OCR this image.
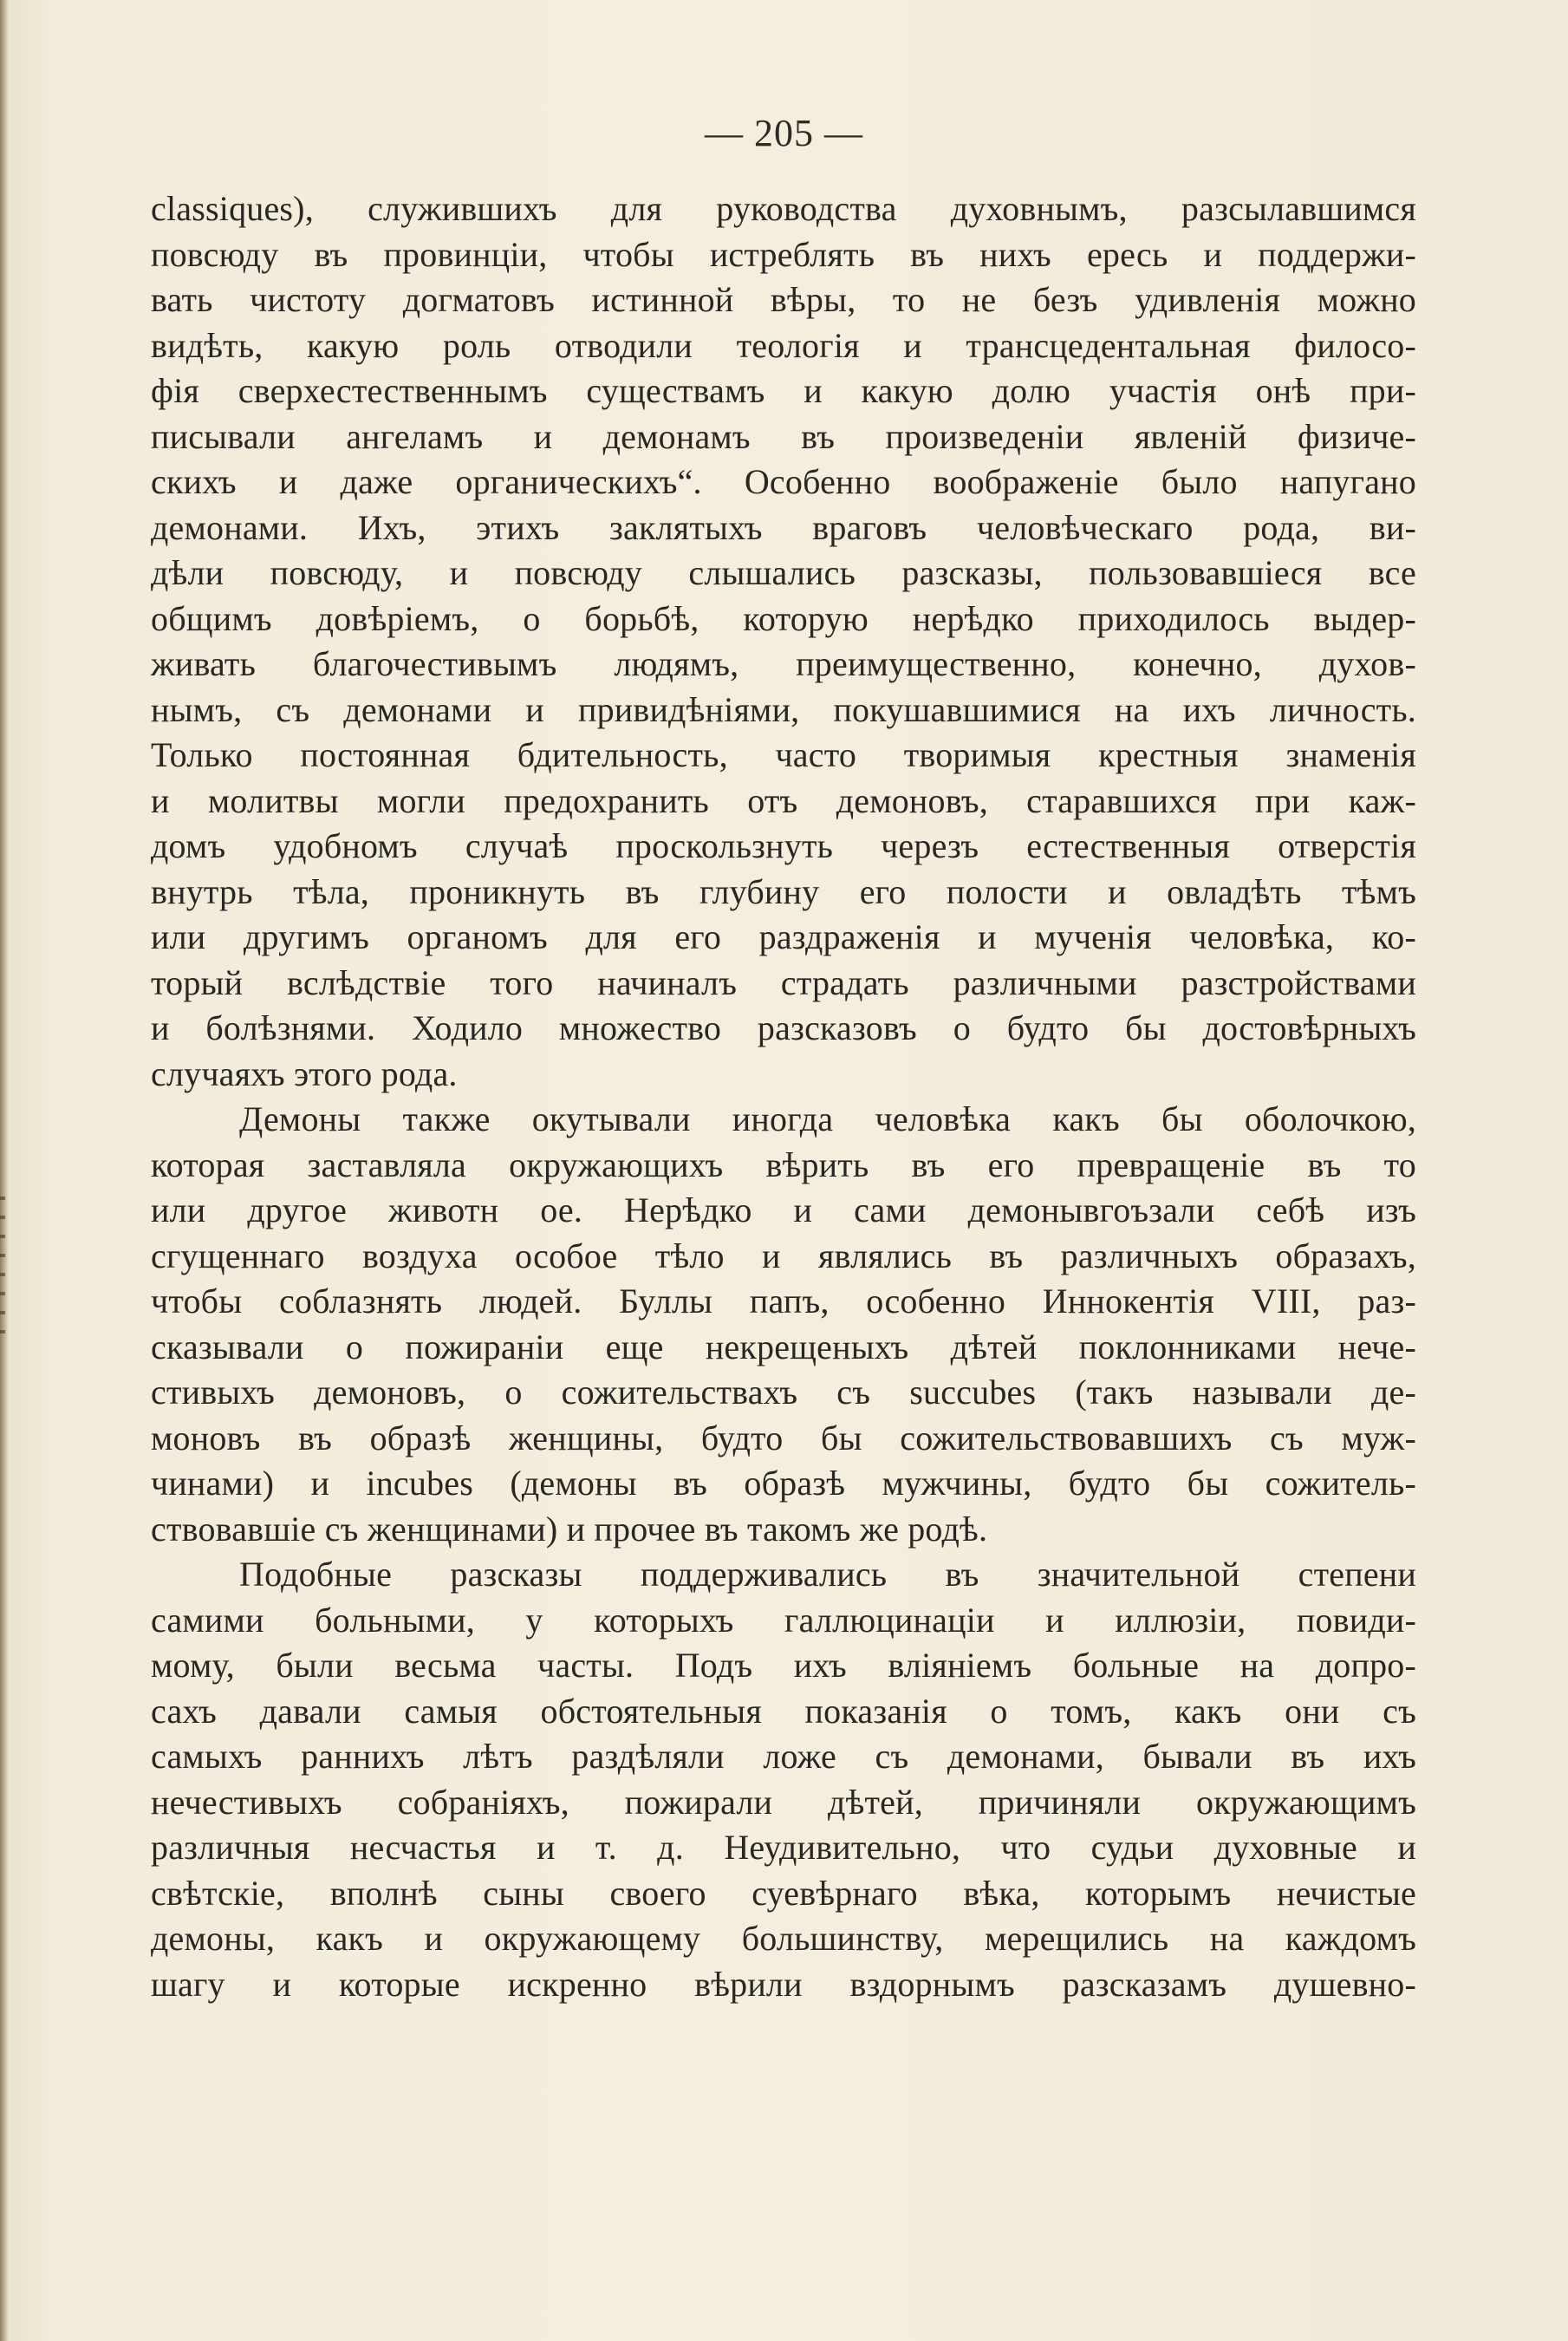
— 205 —
classiques), служившихъ для руководства духовнымъ, разсылавшимся
повсюду въ провинціи, чтобы истреблять въ нихъ ересь и поддержи-
вать чистоту догматовъ истинной вѣры, то не безъ удивленія можно
видѣть, какую роль отводили теологія и трансцедентальная филосо-
фія сверхестественнымъ существамъ и какую долю участія онѣ при-
писывали ангеламъ и демонамъ въ произведеніи явленій физиче-
скихъ и даже органическихъ“. Особенно воображеніе было напугано
демонами. Ихъ, этихъ заклятыхъ враговъ человѣческаго рода, ви-
дѣли повсюду, и повсюду слышались разсказы, пользовавшіеся все
общимъ довѣріемъ, о борьбѣ, которую нерѣдко приходилось выдер-
живать благочестивымъ людямъ, преимущественно, конечно, духов-
нымъ, съ демонами и привидѣніями, покушавшимися на ихъ личность.
Только постоянная бдительность, часто творимыя крестныя знаменія
и молитвы могли предохранить отъ демоновъ, старавшихся при каж-
домъ удобномъ случаѣ проскользнуть черезъ естественныя отверстія
внутрь тѣла, проникнуть въ глубину его полости и овладѣть тѣмъ
или другимъ органомъ для его раздраженія и мученія человѣка, ко-
торый вслѣдствіе того начиналъ страдать различными разстройствами
и болѣзнями. Ходило множество разсказовъ о будто бы достовѣрныхъ
случаяхъ этого рода.
Демоны также окутывали иногда человѣка какъ бы оболочкою,
которая заставляла окружающихъ вѣрить въ его превращеніе въ то
или другое животн ое. Нерѣдко и сами демонывгоъзали себѣ изъ
сгущеннаго воздуха особое тѣло и являлись въ различныхъ образахъ,
чтобы соблазнять людей. Буллы папъ, особенно Иннокентія VIII, раз-
сказывали о пожираніи еще некрещеныхъ дѣтей поклонниками нече-
стивыхъ демоновъ, о сожительствахъ съ succubes (такъ называли де-
моновъ въ образѣ женщины, будто бы сожительствовавшихъ съ муж-
чинами) и incubes (демоны въ образѣ мужчины, будто бы сожитель-
ствовавшіе съ женщинами) и прочее въ такомъ же родѣ.
Подобные разсказы поддерживались въ значительной степени
самими больными, у которыхъ галлюцинаціи и иллюзіи, повиди-
мому, были весьма часты. Подъ ихъ вліяніемъ больные на допро-
сахъ давали самыя обстоятельныя показанія о томъ, какъ они съ
самыхъ раннихъ лѣтъ раздѣляли ложе съ демонами, бывали въ ихъ
нечестивыхъ собраніяхъ, пожирали дѣтей, причиняли окружающимъ
различныя несчастья и т. д. Неудивительно, что судьи духовные и
свѣтскіе, вполнѣ сыны своего суевѣрнаго вѣка, которымъ нечистые
демоны, какъ и окружающему большинству, мерещились на каждомъ
шагу и которые искренно вѣрили вздорнымъ разсказамъ душевно-
